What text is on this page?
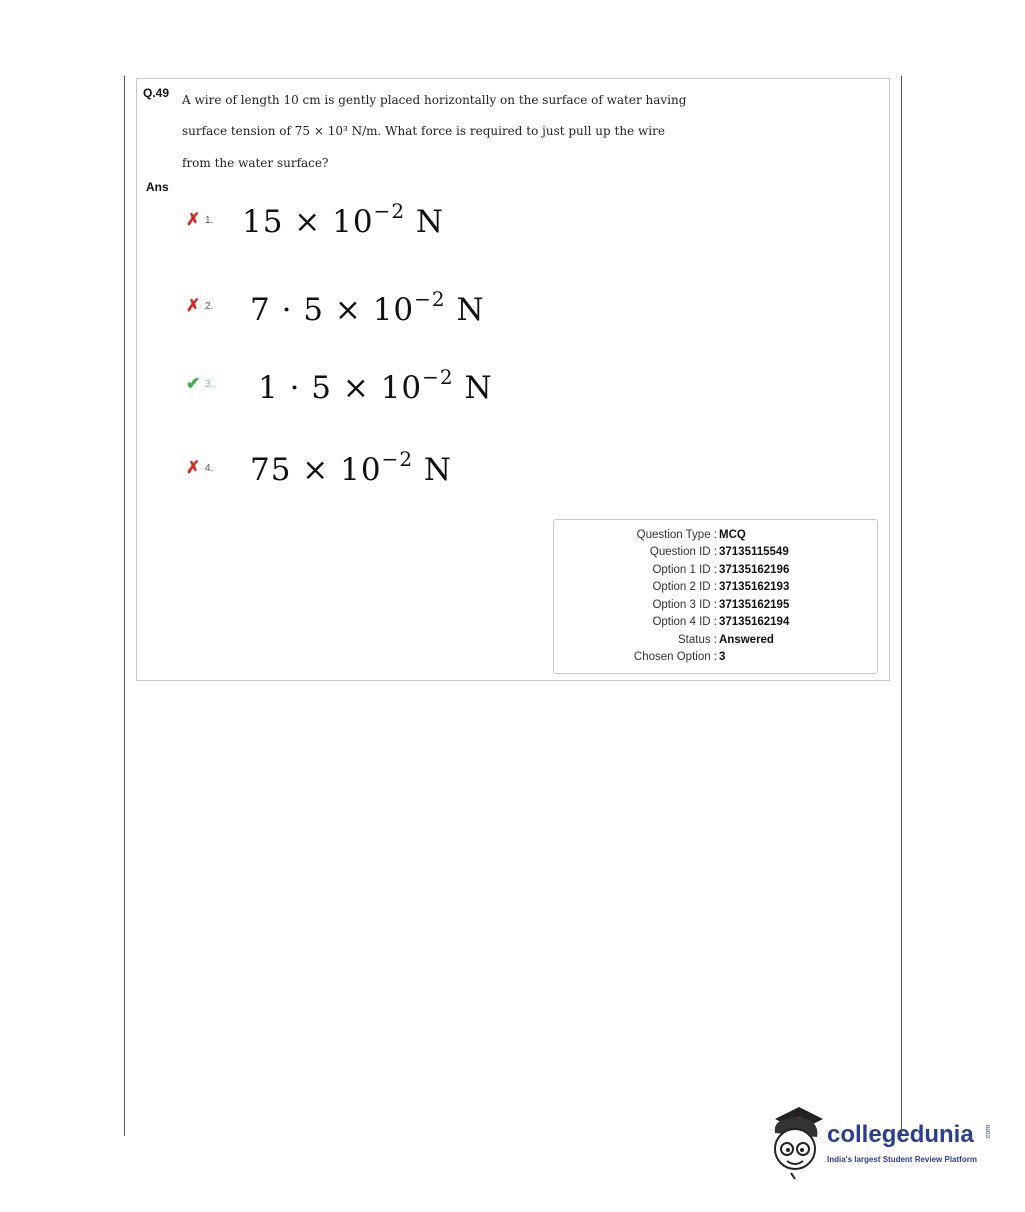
Q.49 A wire of length 10 cm is gently placed horizontally on the surface of water having
surface tension of 75 × 10³ N/m. What force is required to just pull up the wire
from the water surface?
Ans
✗ 1. $15 \times 10^{-2}$ N
✗ 2. $7 \cdot 5 \times 10^{-2}$ N
✔ 3. $1 \cdot 5 \times 10^{-2}$ N
✗ 4. $75 \times 10^{-2}$ N
Question Type : MCQ
Question ID : 37135115549
Option 1 ID : 37135162196
Option 2 ID : 37135162193
Option 3 ID : 37135162195
Option 4 ID : 37135162194
Status : Answered
Chosen Option : 3
collegedunia .com
India's largest Student Review Platform
